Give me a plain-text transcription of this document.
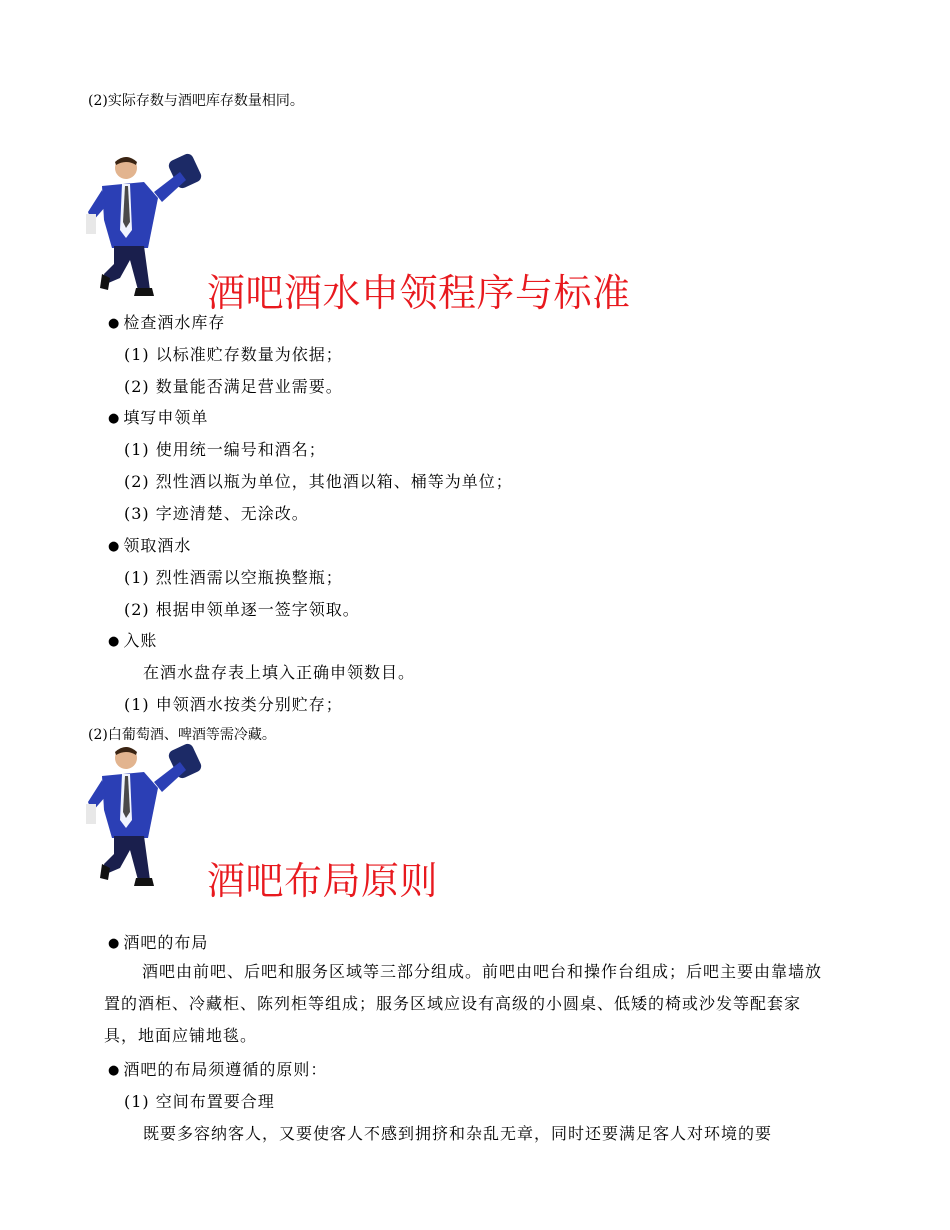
(2)实际存数与酒吧库存数量相同。
酒吧酒水申领程序与标准
● 检查酒水库存
(1) 以标准贮存数量为依据；
(2) 数量能否满足营业需要。
● 填写申领单
(1) 使用统一编号和酒名；
(2) 烈性酒以瓶为单位，其他酒以箱、桶等为单位；
(3) 字迹清楚、无涂改。
● 领取酒水
(1) 烈性酒需以空瓶换整瓶；
(2) 根据申领单逐一签字领取。
● 入账
在酒水盘存表上填入正确申领数目。
(1) 申领酒水按类分别贮存；
(2)白葡萄酒、啤酒等需冷藏。
酒吧布局原则
● 酒吧的布局
酒吧由前吧、后吧和服务区域等三部分组成。前吧由吧台和操作台组成；后吧主要由靠墙放置的酒柜、冷藏柜、陈列柜等组成；服务区域应设有高级的小圆桌、低矮的椅或沙发等配套家具，地面应铺地毯。
● 酒吧的布局须遵循的原则：
(1) 空间布置要合理
既要多容纳客人，又要使客人不感到拥挤和杂乱无章，同时还要满足客人对环境的要
